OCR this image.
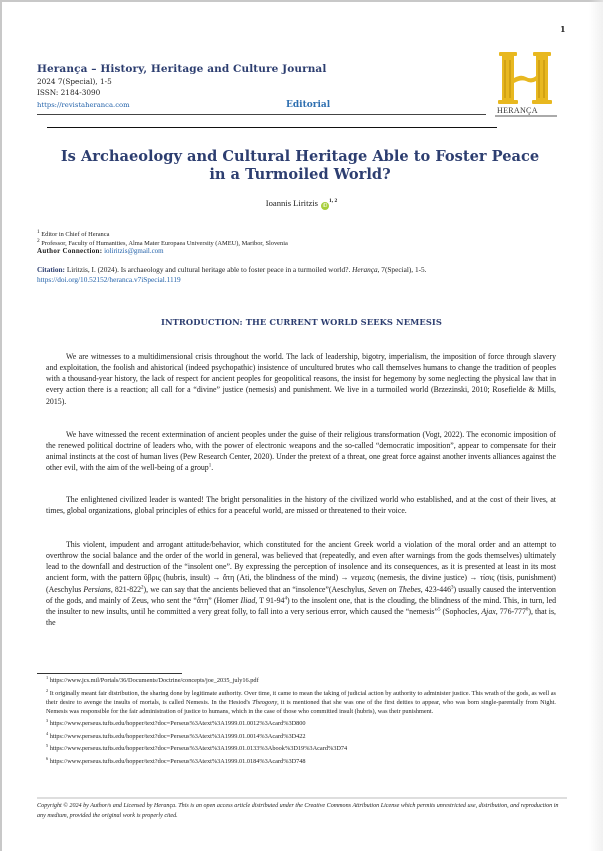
1
Herança – History, Heritage and Culture Journal
2024 7(Special), 1-5
ISSN: 2184-3090
https://revistaheranca.com	Editorial
HERANÇA
Is Archaeology and Cultural Heritage Able to Foster Peace in a Turmoiled World?
Ioannis Liritzis iD$^{1, 2}$
$^1$ Editor in Chief of Heranca
$^2$ Professor, Faculty of Humanities, Alma Mater Europaea University (AMEU), Maribor, Slovenia
Author Connection: ioliritzis@gmail.com
Citation: Liritzis, I. (2024). Is archaeology and cultural heritage able to foster peace in a turmoiled world?. Herança, 7(Special), 1-5. https://doi.org/10.52152/heranca.v7iSpecial.1119
INTRODUCTION: THE CURRENT WORLD SEEKS NEMESIS

We are witnesses to a multidimensional crisis throughout the world. The lack of leadership, bigotry, imperialism, the imposition of force through slavery and exploitation, the foolish and ahistorical (indeed psychopathic) insistence of uncultured brutes who call themselves humans to change the tradition of peoples with a thousand-year history, the lack of respect for ancient peoples for geopolitical reasons, the insist for hegemony by some neglecting the physical law that in every action there is a reaction; all call for a “divine” justice (nemesis) and punishment. We live in a turmoiled world (Brzezinski, 2010; Rosefielde & Mills, 2015).

We have witnessed the recent extermination of ancient peoples under the guise of their religious transformation (Vogt, 2022). The economic imposition of the renewed political doctrine of leaders who, with the power of electronic weapons and the so-called “democratic imposition”, appear to compensate for their animal instincts at the cost of human lives (Pew Research Center, 2020). Under the pretext of a threat, one great force against another invents alliances against the other evil, with the aim of the well-being of a group$^1$.

The enlightened civilized leader is wanted! The bright personalities in the history of the civilized world who established, and at the cost of their lives, at times, global organizations, global principles of ethics for a peaceful world, are missed or threatened to their voice.

This violent, impudent and arrogant attitude/behavior, which constituted for the ancient Greek world a violation of the moral order and an attempt to overthrow the social balance and the order of the world in general, was believed that (repeatedly, and even after warnings from the gods themselves) ultimately lead to the downfall and destruction of the “insolent one”. By expressing the perception of insolence and its consequences, as it is presented at least in its most ancient form, with the pattern ὕβρις (hubris, insult) → ἄτη (Ati, the blindness of the mind) → νεμεσις (nemesis, the divine justice) → τίσις (tisis, punishment) (Aeschylus Persians, $821-822^2$), we can say that the ancients believed that an “insolence”(Aeschylus, Seven on Thebes, $423-446^3$) usually caused the intervention of the gods, and mainly of Zeus, who sent the “ἄτη” (Homer Iliad, T $91-94^4$) to the insolent one, that is the clouding, the blindness of the mind. This, in turn, led the insulter to new insults, until he committed a very great folly, to fall into a very serious error, which caused the “nemesis”$^5$ (Sophocles, Ajax, $776-777^6$), that is, the

$^1$ https://www.jcs.mil/Portals/36/Documents/Doctrine/concepts/joe_2035_july16.pdf
$^2$ It originally meant fair distribution, the sharing done by legitimate authority. Over time, it came to mean the taking of judicial action by authority to administer justice. This wrath of the gods, as well as their desire to avenge the insults of mortals, is called Nemesis. In the Hesiod's Theogony, it is mentioned that she was one of the first deities to appear, who was born single-parentally from Night. Nemesis was responsible for the fair administration of justice to humans, which in the case of those who committed insult (hubris), was their punishment.
$^3$ https://www.perseus.tufts.edu/hopper/text?doc=Perseus%3Atext%3A1999.01.0012%3Acard%3D800
$^4$ https://www.perseus.tufts.edu/hopper/text?doc=Perseus%3Atext%3A1999.01.0014%3Acard%3D422
$^5$ https://www.perseus.tufts.edu/hopper/text?doc=Perseus%3Atext%3A1999.01.0133%3Abook%3D19%3Acard%3D74
$^6$ https://www.perseus.tufts.edu/hopper/text?doc=Perseus%3Atext%3A1999.01.0184%3Acard%3D748
Copyright © 2024 by Author/s and Licensed by Herança. This is an open access article distributed under the Creative Commons Attribution License which permits unrestricted use, distribution, and reproduction in any medium, provided the original work is properly cited.
